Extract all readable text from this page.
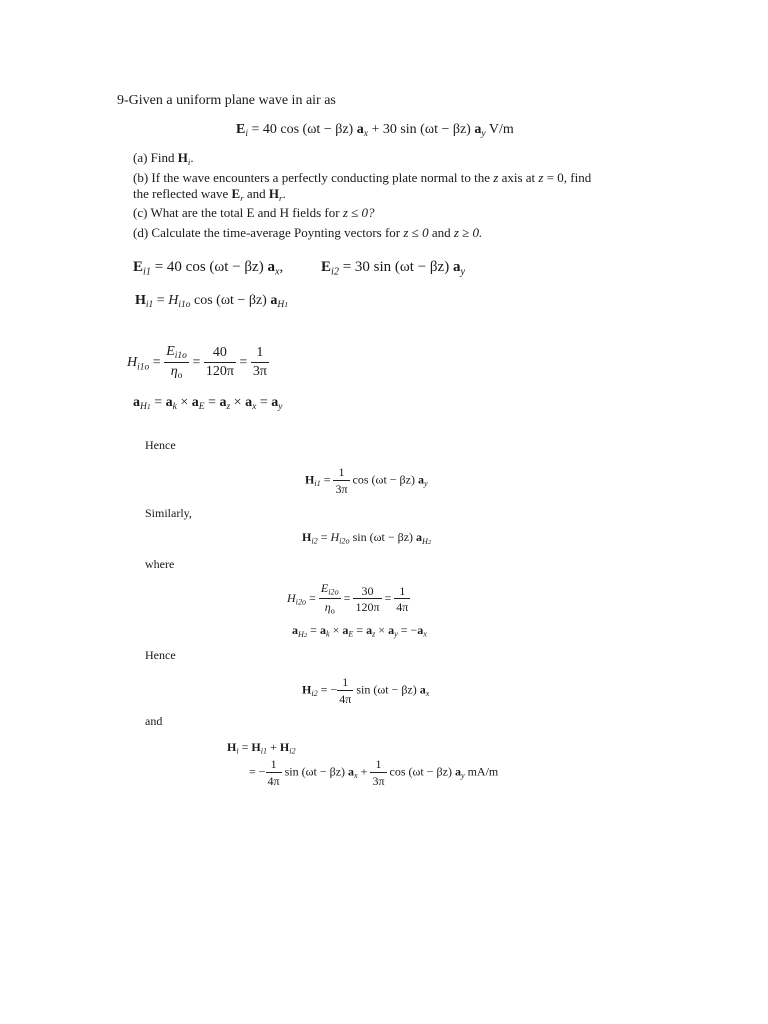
9-Given a uniform plane wave in air as
$E_i = 40$ cos (ωt − βz) $a_x + 30$ sin (ωt − βz) $a_y$ V/m
(a) Find $H_i$.
(b) If the wave encounters a perfectly conducting plate normal to the z axis at z = 0, find
the reflected wave $E_r$ and $H_r$.
(c) What are the total E and H fields for z ≤ 0?
(d) Calculate the time-average Poynting vectors for z ≤ 0 and z ≥ 0.
$E_{i1} = 40$ cos (ωt − βz) $a_x$,	$E_{i2} = 30$ sin (ωt − βz) $a_y$
$H_{i1} = H_{i1o}$ cos (ωt − βz) $a_{H1}$
$H_{i1o} = \frac{E_{i1o}}{\eta_o} = \frac{40}{120\pi} = \frac{1}{3\pi}$
$a_{H1} = a_k \times a_E = a_z \times a_x = a_y$
Hence
$H_{i1} = \frac{1}{3\pi}$ cos (ωt − βz) $a_y$
Similarly,
$H_{i2} = H_{i2o}$ sin (ωt − βz) $a_{H2}$
where
$H_{i2o} = \frac{E_{i2o}}{\eta_o} = \frac{30}{120\pi} = \frac{1}{4\pi}$
$a_{H2} = a_k \times a_E = a_z \times a_y = -a_x$
Hence
$H_{i2}$ = − $\frac{1}{4\pi}$ sin (ωt − βz) $a_x$
and
$H_i = H_{i1} + H_{i2}$
= − $\frac{1}{4\pi}$ sin (ωt − βz) $a_x + \frac{1}{3\pi}$ cos (ωt − βz) $a_y$ mA/m
